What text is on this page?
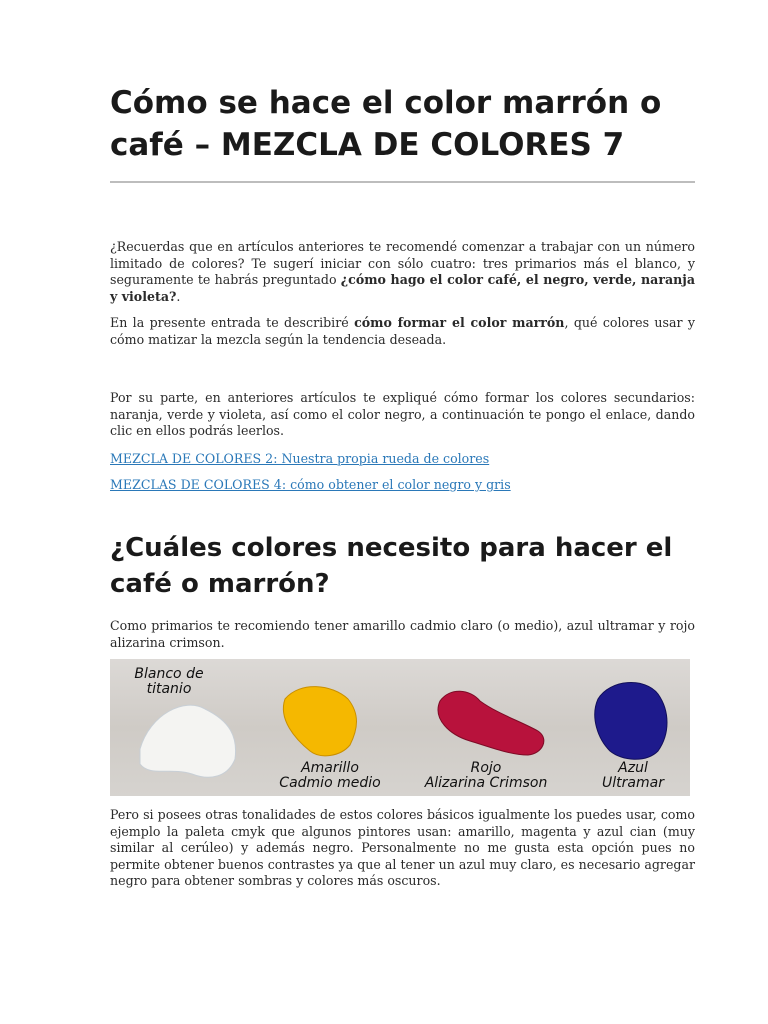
Cómo se hace el color marrón o café – MEZCLA DE COLORES 7

¿Recuerdas que en artículos anteriores te recomendé comenzar a trabajar con un número limitado de colores? Te sugerí iniciar con sólo cuatro: tres primarios más el blanco, y seguramente te habrás preguntado ¿cómo hago el color café, el negro, verde, naranja y violeta?.

En la presente entrada te describiré cómo formar el color marrón, qué colores usar y cómo matizar la mezcla según la tendencia deseada.

Por su parte, en anteriores artículos te expliqué cómo formar los colores secundarios: naranja, verde y violeta, así como el color negro, a continuación te pongo el enlace, dando clic en ellos podrás leerlos.

MEZCLA DE COLORES 2: Nuestra propia rueda de colores
MEZCLAS DE COLORES 4: cómo obtener el color negro y gris
¿Cuáles colores necesito para hacer el café o marrón?

Como primarios te recomiendo tener amarillo cadmio claro (o medio), azul ultramar y rojo alizarina crimson.

Blanco de
titanio
Amarillo
Cadmio medio
Rojo
Alizarina Crimson
Azul
Ultramar

Pero si posees otras tonalidades de estos colores básicos igualmente los puedes usar, como ejemplo la paleta cmyk que algunos pintores usan: amarillo, magenta y azul cian (muy similar al cerúleo) y además negro. Personalmente no me gusta esta opción pues no permite obtener buenos contrastes ya que al tener un azul muy claro, es necesario agregar negro para obtener sombras y colores más oscuros.
